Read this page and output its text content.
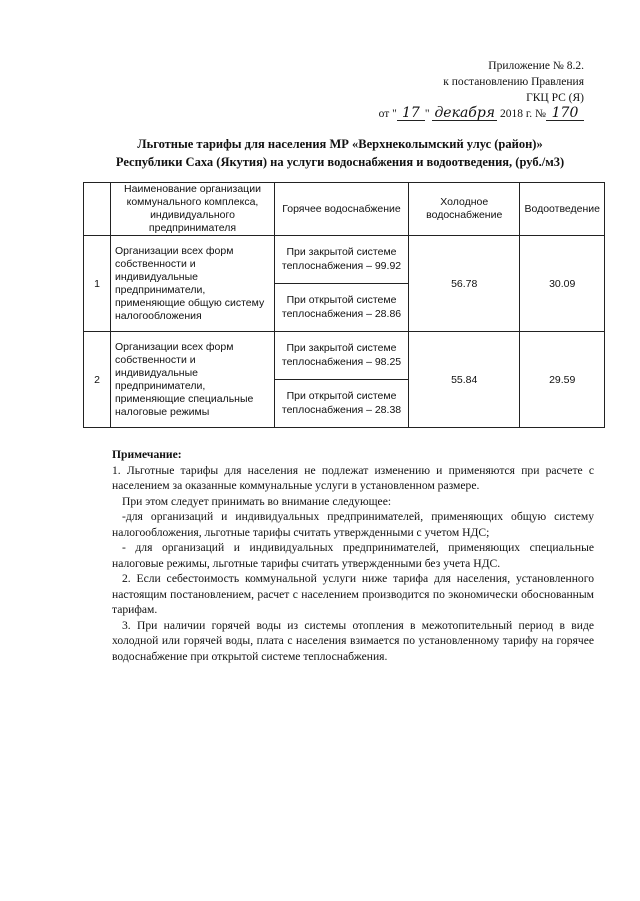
Приложение № 8.2.
к постановлению Правления
ГКЦ РС (Я)
от " 17 " декабря 2018 г. № 170
Льготные тарифы для населения МР «Верхнеколымский улус (район)»
Республики Саха (Якутия) на услуги водоснабжения и водоотведения, (руб./м3)
	Наименование организации коммунального комплекса, индивидуального предпринимателя	Горячее водоснабжение	Холодное водоснабжение	Водоотведение
1	Организации всех форм собственности и индивидуальные предприниматели, применяющие общую систему налогообложения	При закрытой системе теплоснабжения – 99.92	56.78	30.09
		При открытой системе теплоснабжения – 28.86		
2	Организации всех форм собственности и индивидуальные предприниматели, применяющие специальные налоговые режимы	При закрытой системе теплоснабжения – 98.25	55.84	29.59
		При открытой системе теплоснабжения – 28.38		

Примечание:

1. Льготные тарифы для населения не подлежат изменению и применяются при расчете с населением за оказанные коммунальные услуги в установленном размере.

При этом следует принимать во внимание следующее:

-для организаций и индивидуальных предпринимателей, применяющих общую систему налогообложения, льготные тарифы считать утвержденными с учетом НДС;

- для организаций и индивидуальных предпринимателей, применяющих специальные налоговые режимы, льготные тарифы считать утвержденными без учета НДС.

2. Если себестоимость коммунальной услуги ниже тарифа для населения, установленного настоящим постановлением, расчет с населением производится по экономически обоснованным тарифам.

3. При наличии горячей воды из системы отопления в межотопительный период в виде холодной или горячей воды, плата с населения взимается по установленному тарифу на горячее водоснабжение при открытой системе теплоснабжения.
